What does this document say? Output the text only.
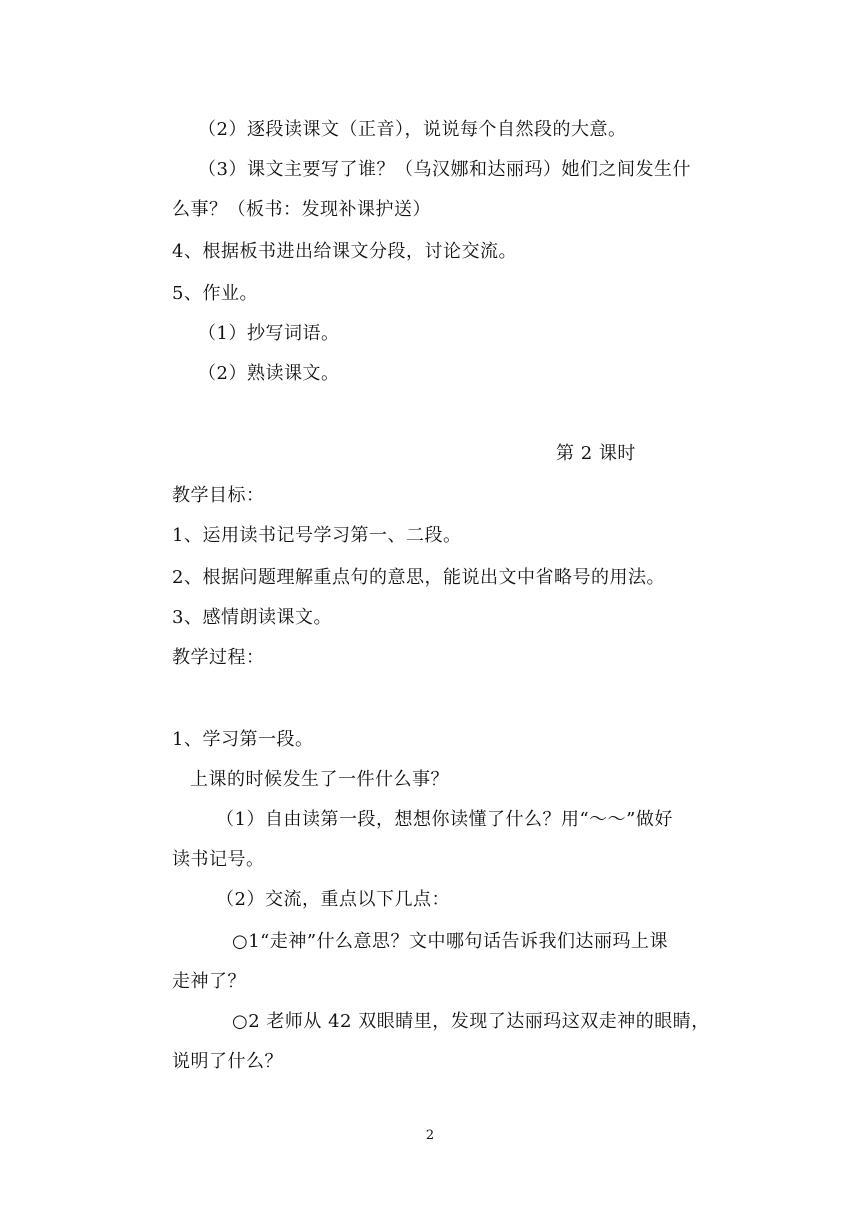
（2）逐段读课文（正音），说说每个自然段的大意。
（3）课文主要写了谁？（乌汉娜和达丽玛）她们之间发生什
么事？（板书：发现补课护送）
4、根据板书进出给课文分段，讨论交流。
5、作业。
（1）抄写词语。
（2）熟读课文。
第 2 课时
教学目标：
1、运用读书记号学习第一、二段。
2、根据问题理解重点句的意思，能说出文中省略号的用法。
3、感情朗读课文。
教学过程：
1、学习第一段。
上课的时候发生了一件什么事？
（1）自由读第一段，想想你读懂了什么？用“～～”做好
读书记号。
（2）交流，重点以下几点：
○1“走神”什么意思？文中哪句话告诉我们达丽玛上课
走神了？
○2 老师从 42 双眼睛里，发现了达丽玛这双走神的眼睛，
说明了什么？
2
